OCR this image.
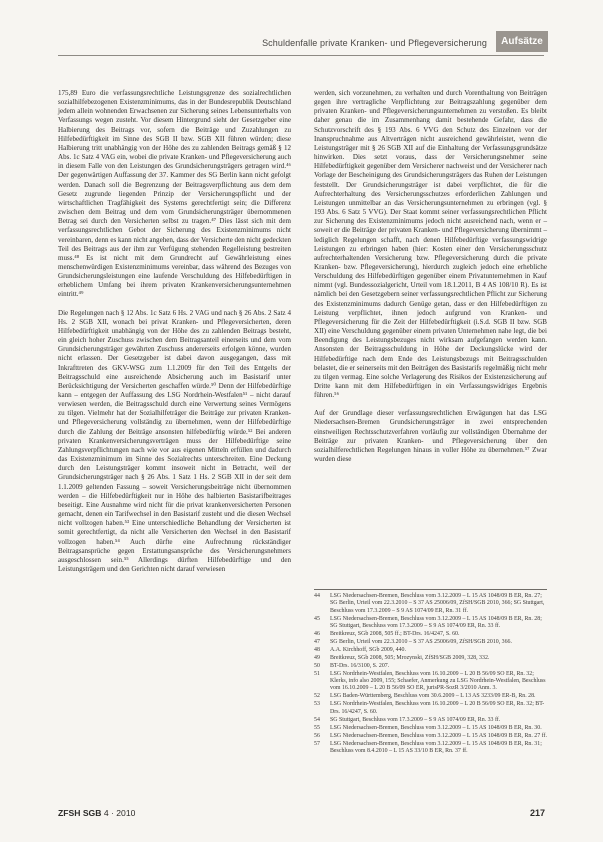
Schuldenfalle private Kranken- und Pflegeversicherung	Aufsätze

175,89 Euro die verfassungsrechtliche Leistungsgrenze des sozialrechtlichen sozialhilfebezogenen Existenzminimums, das in der Bundesrepublik Deutschland jedem allein wohnenden Erwachsenen zur Sicherung seines Lebensunterhalts von Verfassungs wegen zusteht. Vor diesem Hintergrund sieht der Gesetzgeber eine Halbierung des Beitrags vor, sofern die Beiträge und Zuzahlungen zu Hilfebedürftigkeit im Sinne des SGB II bzw. SGB XII führen würden; diese Halbierung tritt unabhängig von der Höhe des zu zahlenden Beitrags gemäß § 12 Abs. 1c Satz 4 VAG ein, wobei die private Kranken- und Pflegeversicherung auch in diesem Falle von den Leistungen des Grundsicherungsträgers getragen wird.⁴⁶ Der gegenwärtigen Auffassung der 37. Kammer des SG Berlin kann nicht gefolgt werden. Danach soll die Begrenzung der Beitragsverpflichtung aus dem dem Gesetz zugrunde liegenden Prinzip der Versicherungspflicht und der wirtschaftlichen Tragfähigkeit des Systems gerechtfertigt sein; die Differenz zwischen dem Beitrag und dem vom Grundsicherungsträger übernommenen Betrag sei durch den Versicherten selbst zu tragen.⁴⁷ Dies lässt sich mit dem verfassungsrechtlichen Gebot der Sicherung des Existenzminimums nicht vereinbaren, denn es kann nicht angehen, dass der Versicherte den nicht gedeckten Teil des Beitrags aus der ihm zur Verfügung stehenden Regelleistung bestreiten muss.⁴⁸ Es ist nicht mit dem Grundrecht auf Gewährleistung eines menschenwürdigen Existenzminimums vereinbar, dass während des Bezuges von Grundsicherungsleistungen eine laufende Verschuldung des Hilfebedürftigen in erheblichem Umfang bei ihrem privaten Krankenversicherungsunternehmen eintritt.⁴⁹

Die Regelungen nach § 12 Abs. 1c Satz 6 Hs. 2 VAG und nach § 26 Abs. 2 Satz 4 Hs. 2 SGB XII, wonach bei privat Kranken- und Pflegeversicherten, deren Hilfebedürftigkeit unabhängig von der Höhe des zu zahlenden Beitrags besteht, ein gleich hoher Zuschuss zwischen dem Beitragsanteil einerseits und dem vom Grundsicherungsträger gewährten Zuschuss andererseits erfolgen könne, wurden nicht erlassen. Der Gesetzgeber ist dabei davon ausgegangen, dass mit Inkrafttreten des GKV-WSG zum 1.1.2009 für den Teil des Entgelts der Beitragsschuld eine ausreichende Absicherung auch im Basistarif unter Berücksichtigung der Versicherten geschaffen würde.⁵⁰ Denn der Hilfebedürftige kann – entgegen der Auffassung des LSG Nordrhein-Westfalen⁵¹ – nicht darauf verwiesen werden, die Beitragsschuld durch eine Verwertung seines Vermögens zu tilgen. Vielmehr hat der Sozialhilfeträger die Beiträge zur privaten Kranken- und Pflegeversicherung vollständig zu übernehmen, wenn der Hilfebedürftige durch die Zahlung der Beiträge ansonsten hilfebedürftig würde.⁵² Bei anderen privaten Krankenversicherungsverträgen muss der Hilfebedürftige seine Zahlungsverpflichtungen nach wie vor aus eigenen Mitteln erfüllen und dadurch das Existenzminimum im Sinne des Sozialrechts unterschreiten. Eine Deckung durch den Leistungsträger kommt insoweit nicht in Betracht, weil der Grundsicherungsträger nach § 26 Abs. 1 Satz 1 Hs. 2 SGB XII in der seit dem 1.1.2009 geltenden Fassung – soweit Versicherungsbeiträge nicht übernommen werden – die Hilfebedürftigkeit nur in Höhe des halbierten Basistarifbeitrages beseitigt. Eine Ausnahme wird nicht für die privat krankenversicherten Personen gemacht, denen ein Tarifwechsel in den Basistarif zusteht und die diesen Wechsel nicht vollzogen haben.⁵³ Eine unterschiedliche Behandlung der Versicherten ist somit gerechtfertigt, da nicht alle Versicherten den Wechsel in den Basistarif vollzogen haben.⁵⁴ Auch dürfte eine Aufrechnung rückständiger Beitragsansprüche gegen Erstattungsansprüche des Versicherungsnehmers ausgeschlossen sein.⁵⁵ Allerdings dürften Hilfebedürftige und den Leistungsträgern und den Gerichten nicht darauf verwiesen

werden, sich vorzunehmen, zu verhalten und durch Vorenthaltung von Beiträgen gegen ihre vertragliche Verpflichtung zur Beitragszahlung gegenüber dem privaten Kranken- und Pflegeversicherungsunternehmen zu verstoßen. Es bleibt daher genau die im Zusammenhang damit bestehende Gefahr, dass die Schutzvorschrift des § 193 Abs. 6 VVG den Schutz des Einzelnen vor der Inanspruchnahme aus Altverträgen nicht ausreichend gewährleistet, wenn die Leistungsträger mit § 26 SGB XII auf die Einhaltung der Verfassungsgrundsätze hinwirken. Dies setzt voraus, dass der Versicherungsnehmer seine Hilfebedürftigkeit gegenüber dem Versicherer nachweist und der Versicherer nach Vorlage der Bescheinigung des Grundsicherungsträgers das Ruhen der Leistungen feststellt. Der Grundsicherungsträger ist dabei verpflichtet, die für die Aufrechterhaltung des Versicherungsschutzes erforderlichen Zahlungen und Leistungen unmittelbar an das Versicherungsunternehmen zu erbringen (vgl. § 193 Abs. 6 Satz 5 VVG). Der Staat kommt seiner verfassungsrechtlichen Pflicht zur Sicherung des Existenzminimums jedoch nicht ausreichend nach, wenn er – soweit er die Beiträge der privaten Kranken- und Pflegeversicherung übernimmt – lediglich Regelungen schafft, nach denen Hilfebedürftige verfassungswidrige Leistungen zu erbringen haben (hier: Kosten einer den Versicherungsschutz aufrechterhaltenden Versicherung bzw. Pflegeversicherung durch die private Kranken- bzw. Pflegeversicherung), hierdurch zugleich jedoch eine erhebliche Verschuldung des Hilfebedürftigen gegenüber einem Privatunternehmen in Kauf nimmt (vgl. Bundessozialgericht, Urteil vom 18.1.2011, B 4 AS 108/10 R). Es ist nämlich bei den Gesetzgebern seiner verfassungsrechtlichen Pflicht zur Sicherung des Existenzminimums dadurch Genüge getan, dass er den Hilfebedürftigen zu Leistung verpflichtet, ihnen jedoch aufgrund von Kranken- und Pflegeversicherung für die Zeit der Hilfebedürftigkeit (i.S.d. SGB II bzw. SGB XII) eine Verschuldung gegenüber einem privaten Unternehmen nahe legt, die bei Beendigung des Leistungsbezuges nicht wirksam aufgefangen werden kann. Ansonsten der Beitragsschuldung in Höhe der Deckungslücke wird der Hilfebedürftige nach dem Ende des Leistungsbezugs mit Beitragsschulden belastet, die er seinerseits mit den Beiträgen des Basistarifs regelmäßig nicht mehr zu tilgen vermag. Eine solche Verlagerung des Risikos der Existenzsicherung auf Dritte kann mit dem Hilfebedürftigen in ein Verfassungswidriges Ergebnis führen.⁵⁶

Auf der Grundlage dieser verfassungsrechtlichen Erwägungen hat das LSG Niedersachsen-Bremen Grundsicherungsträger in zwei entsprechenden einstweiligen Rechtsschutzverfahren vorläufig zur vollständigen Übernahme der Beiträge zur privaten Kranken- und Pflegeversicherung über den sozialhilferechtlichen Regelungen hinaus in voller Höhe zu übernehmen.⁵⁷ Zwar wurden diese

44	LSG Niedersachsen-Bremen, Beschluss vom 3.12.2009 – L 15 AS 1048/09 B ER, Rn. 27; SG Berlin, Urteil vom 22.3.2010 – S 37 AS 25006/09, ZfSH/SGB 2010, 366; SG Stuttgart, Beschluss vom 17.3.2009 – S 9 AS 1074/09 ER, Rn. 31 ff.
45	LSG Niedersachsen-Bremen, Beschluss vom 3.12.2009 – L 15 AS 1048/09 B ER, Rn. 28; SG Stuttgart, Beschluss vom 17.3.2009 – S 9 AS 1074/09 ER, Rn. 33 ff.
46	Breitkreuz, SGb 2008, 505 ff.; BT-Drs. 16/4247, S. 60.
47	SG Berlin, Urteil vom 22.3.2010 – S 37 AS 25006/09, ZfSH/SGB 2010, 366.
48	A.A. Kirchhoff, SGb 2009, 440.
49	Breitkreuz, SGb 2008, 505; Mrozynski, ZfSH/SGB 2009, 328, 332.
50	BT-Drs. 16/3100, S. 207.
51	LSG Nordrhein-Westfalen, Beschluss vom 16.10.2009 – L 20 B 56/09 SO ER, Rn. 32; Klerks, info also 2009, 155; Schaefer, Anmerkung zu LSG Nordrhein-Westfalen, Beschluss vom 16.10.2009 – L 20 B 56/09 SO ER, jurisPR-SozR 3/2010 Anm. 3.
52	LSG Baden-Württemberg, Beschluss vom 30.6.2009 – L 13 AS 3233/09 ER-B, Rn. 28.
53	LSG Nordrhein-Westfalen, Beschluss vom 16.10.2009 – L 20 B 56/09 SO ER, Rn. 32; BT-Drs. 16/4247, S. 60.
54	SG Stuttgart, Beschluss vom 17.3.2009 – S 9 AS 1074/09 ER, Rn. 33 ff.
55	LSG Niedersachsen-Bremen, Beschluss vom 3.12.2009 – L 15 AS 1048/09 B ER, Rn. 30.
56	LSG Niedersachsen-Bremen, Beschluss vom 3.12.2009 – L 15 AS 1048/09 B ER, Rn. 27 ff.
57	LSG Niedersachsen-Bremen, Beschluss vom 3.12.2009 – L 15 AS 1048/09 B ER, Rn. 31; Beschluss vom 8.4.2010 – L 15 AS 33/10 B ER, Rn. 37 ff.
ZFSH SGB 4 · 2010	217
